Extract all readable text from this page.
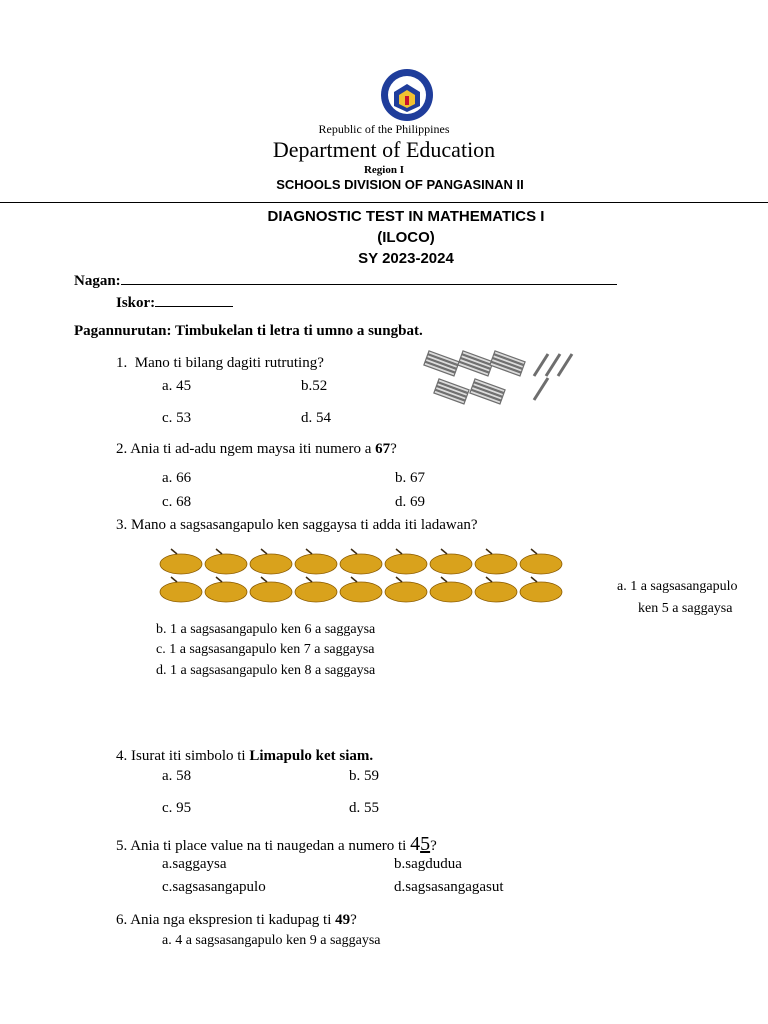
Republic of the Philippines
Department of Education
Region I
SCHOOLS DIVISION OF PANGASINAN II
DIAGNOSTIC TEST IN MATHEMATICS I
(ILOCO)
SY 2023-2024
Nagan:
Iskor:
Pagannurutan: Timbukelan ti letra ti umno a sungbat.
1. Mano ti bilang dagiti rutruting?
a. 45	b.52
c. 53	d. 54
2. Ania ti ad-adu ngem maysa iti numero a 67?
a. 66	b. 67
c. 68	d. 69
3. Mano a sagsasangapulo ken saggaysa ti adda iti ladawan?
a. 1 a sagsasangapulo
ken 5 a saggaysa
b. 1 a sagsasangapulo ken 6 a saggaysa
c. 1 a sagsasangapulo ken 7 a saggaysa
d. 1 a sagsasangapulo ken 8 a saggaysa
4. Isurat iti simbolo ti Limapulo ket siam.
a. 58	b. 59
c. 95	d. 55
5. Ania ti place value na ti naugedan a numero ti 45?
a.saggaysa	b.sagdudua
c.sagsasangapulo	d.sagsasangagasut
6. Ania nga ekspresion ti kadupag ti 49?
a. 4 a sagsasangapulo ken 9 a saggaysa
